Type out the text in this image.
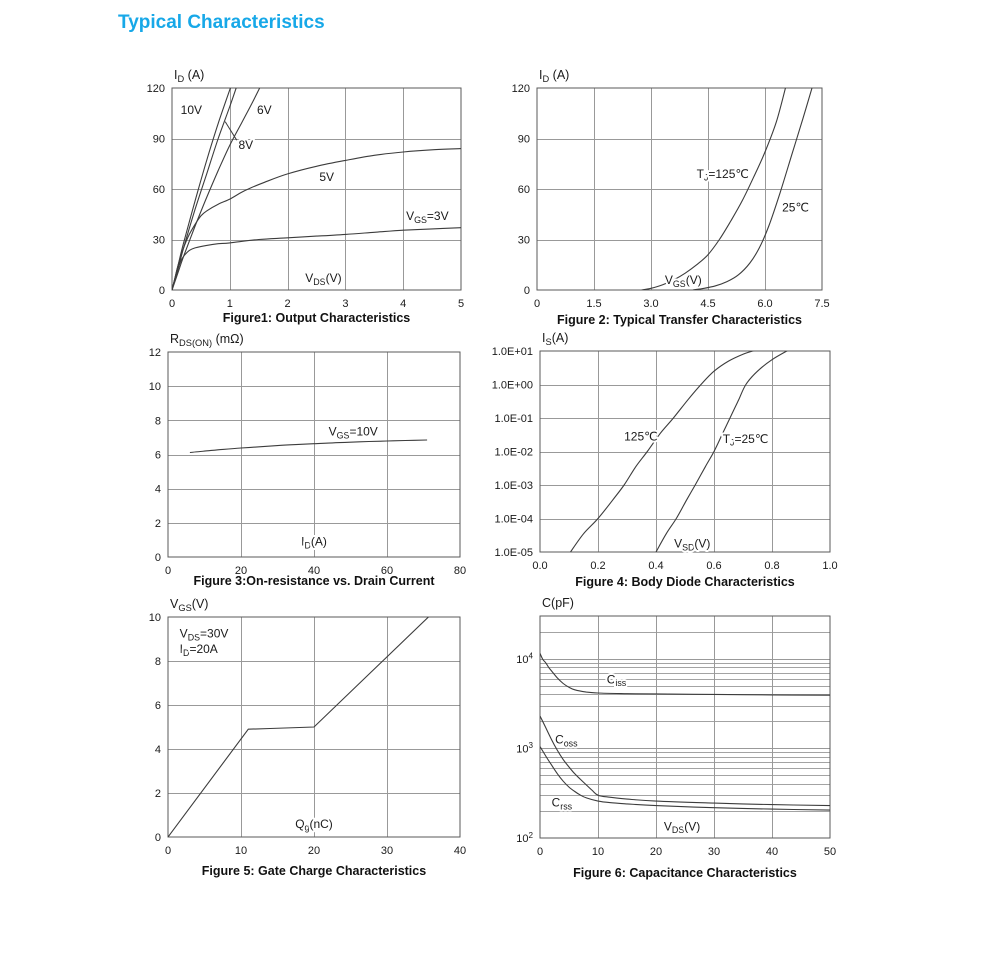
Typical Characteristics
10V	6V
8V
5V
$V_{GS}=3V$
$V_{DS}(V)$
$I_D$ (A)
0
30
60
90
120
0	1	2	3	4	5
Figure1: Output Characteristics
$T_J=125℃$
25℃
$V_{GS}(V)$
$I_D$ (A)
0
30
60
90
120
0	1.5	3.0	4.5	6.0	7.5
Figure 2: Typical Transfer Characteristics
$V_{GS}=10V$
$I_D(A)$
$R_{DS(ON)}$ (mΩ)
0
2
4
6
8
10
12
0	20	40	60	80
Figure 3:On-resistance vs. Drain Current
125℃	$T_J=25℃$
$V_{SD}(V)$
$I_S(A)$
1.0E-05
1.0E-04
1.0E-03
1.0E-02
1.0E-01
1.0E+00
1.0E+01
0.0	0.2	0.4	0.6	0.8	1.0
Figure 4: Body Diode Characteristics
$V_{DS}=30V$
$I_D=20A$
$Q_g(nC)$
$V_{GS}(V)$
0
2
4
6
8
10
0	10	20	30	40
Figure 5: Gate Charge Characteristics
$C_{iss}$
$C_{oss}$
$C_{rss}$
$V_{DS}(V)$
C(pF)
$10^2$
$10^3$
$10^4$
0	10	20	30	40	50
Figure 6: Capacitance Characteristics
